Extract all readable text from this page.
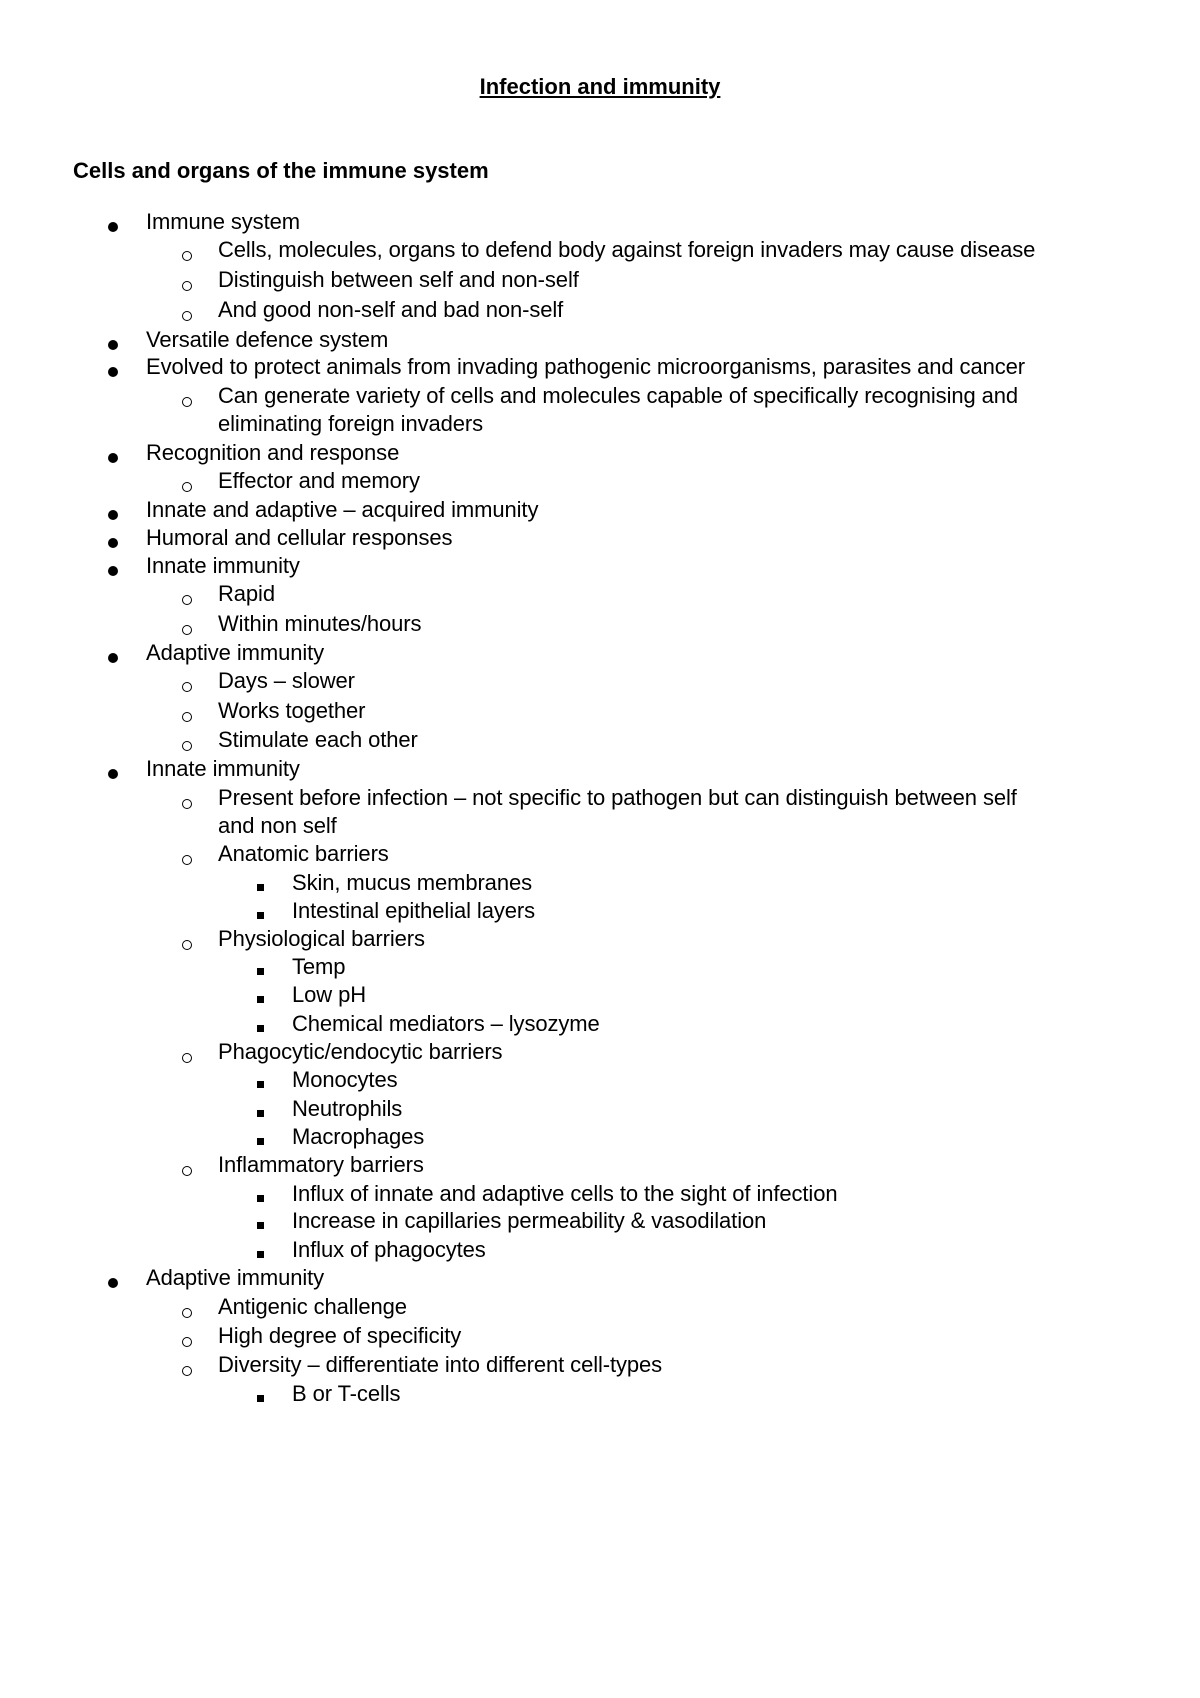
Infection and immunity
Cells and organs of the immune system
Immune system
Cells, molecules, organs to defend body against foreign invaders may cause disease
Distinguish between self and non-self
And good non-self and bad non-self
Versatile defence system
Evolved to protect animals from invading pathogenic microorganisms, parasites and cancer
Can generate variety of cells and molecules capable of specifically recognising and
eliminating foreign invaders
Recognition and response
Effector and memory
Innate and adaptive – acquired immunity
Humoral and cellular responses
Innate immunity
Rapid
Within minutes/hours
Adaptive immunity
Days – slower
Works together
Stimulate each other
Innate immunity
Present before infection – not specific to pathogen but can distinguish between self
and non self
Anatomic barriers
Skin, mucus membranes
Intestinal epithelial layers
Physiological barriers
Temp
Low pH
Chemical mediators – lysozyme
Phagocytic/endocytic barriers
Monocytes
Neutrophils
Macrophages
Inflammatory barriers
Influx of innate and adaptive cells to the sight of infection
Increase in capillaries permeability & vasodilation
Influx of phagocytes
Adaptive immunity
Antigenic challenge
High degree of specificity
Diversity – differentiate into different cell-types
B or T-cells
